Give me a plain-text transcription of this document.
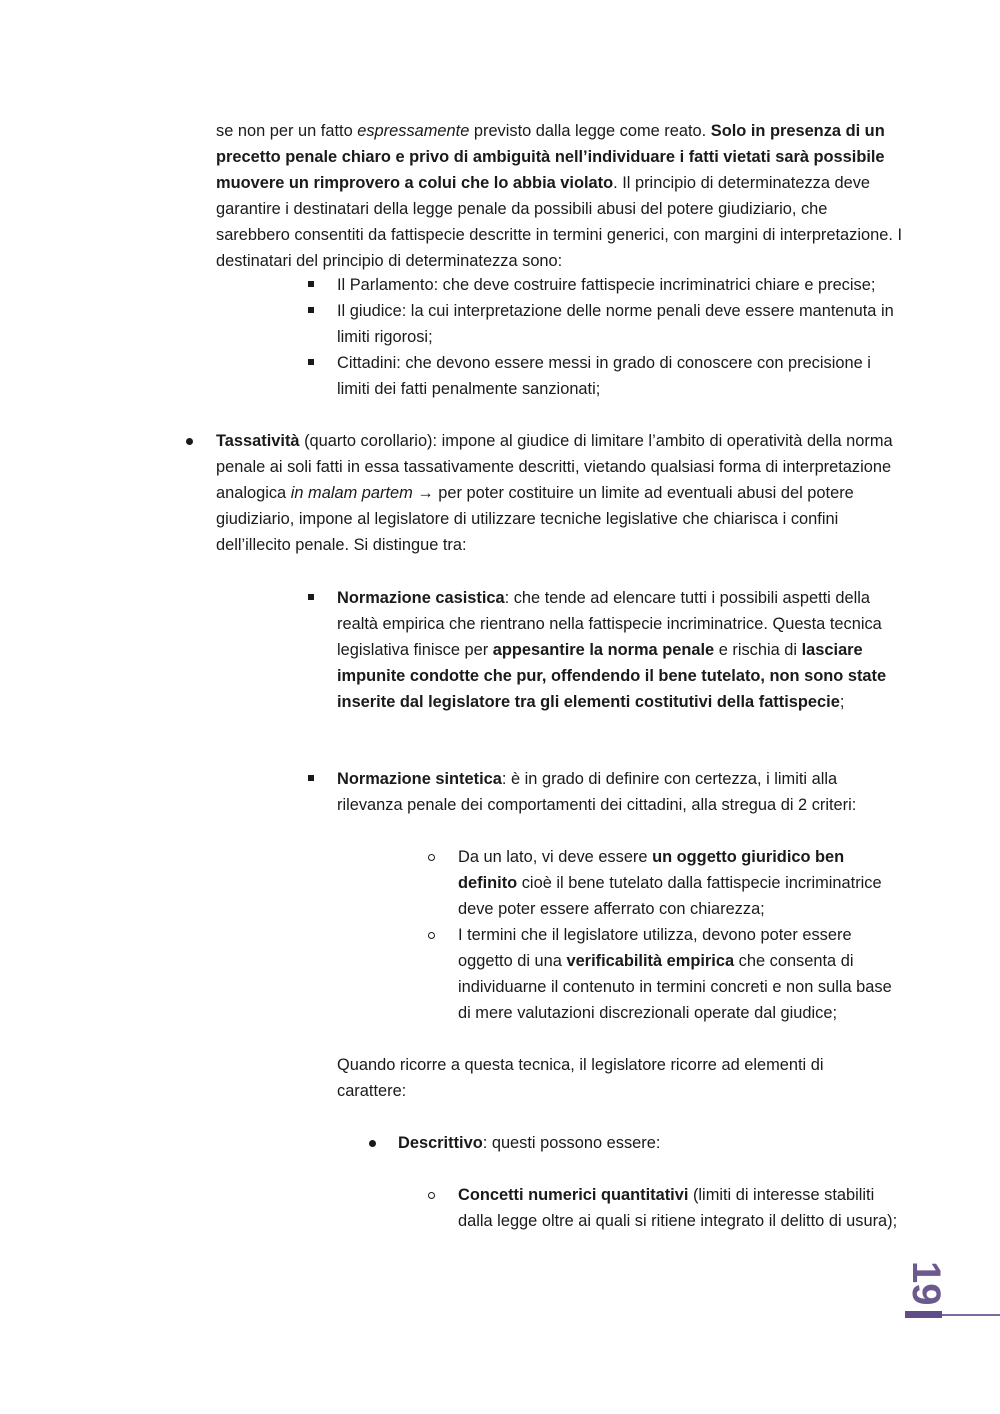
se non per un fatto espressamente previsto dalla legge come reato. Solo in presenza di un precetto penale chiaro e privo di ambiguità nell’individuare i fatti vietati sarà possibile muovere un rimprovero a colui che lo abbia violato. Il principio di determinatezza deve garantire i destinatari della legge penale da possibili abusi del potere giudiziario, che sarebbero consentiti da fattispecie descritte in termini generici, con margini di interpretazione. I destinatari del principio di determinatezza sono:

Il Parlamento: che deve costruire fattispecie incriminatrici chiare e precise;
Il giudice: la cui interpretazione delle norme penali deve essere mantenuta in limiti rigorosi;
Cittadini: che devono essere messi in grado di conoscere con precisione i limiti dei fatti penalmente sanzionati;

Tassatività (quarto corollario): impone al giudice di limitare l’ambito di operatività della norma penale ai soli fatti in essa tassativamente descritti, vietando qualsiasi forma di interpretazione analogica in malam partem → per poter costituire un limite ad eventuali abusi del potere giudiziario, impone al legislatore di utilizzare tecniche legislative che chiarisca i confini dell’illecito penale. Si distingue tra:

Normazione casistica: che tende ad elencare tutti i possibili aspetti della realtà empirica che rientrano nella fattispecie incriminatrice. Questa tecnica legislativa finisce per appesantire la norma penale e rischia di lasciare impunite condotte che pur, offendendo il bene tutelato, non sono state inserite dal legislatore tra gli elementi costitutivi della fattispecie;

Normazione sintetica: è in grado di definire con certezza, i limiti alla rilevanza penale dei comportamenti dei cittadini, alla stregua di 2 criteri:

Da un lato, vi deve essere un oggetto giuridico ben definito cioè il bene tutelato dalla fattispecie incriminatrice deve poter essere afferrato con chiarezza;

I termini che il legislatore utilizza, devono poter essere oggetto di una verificabilità empirica che consenta di individuarne il contenuto in termini concreti e non sulla base di mere valutazioni discrezionali operate dal giudice;

Quando ricorre a questa tecnica, il legislatore ricorre ad elementi di carattere:

Descrittivo: questi possono essere:

Concetti numerici quantitativi (limiti di interesse stabiliti dalla legge oltre ai quali si ritiene integrato il delitto di usura);

19
